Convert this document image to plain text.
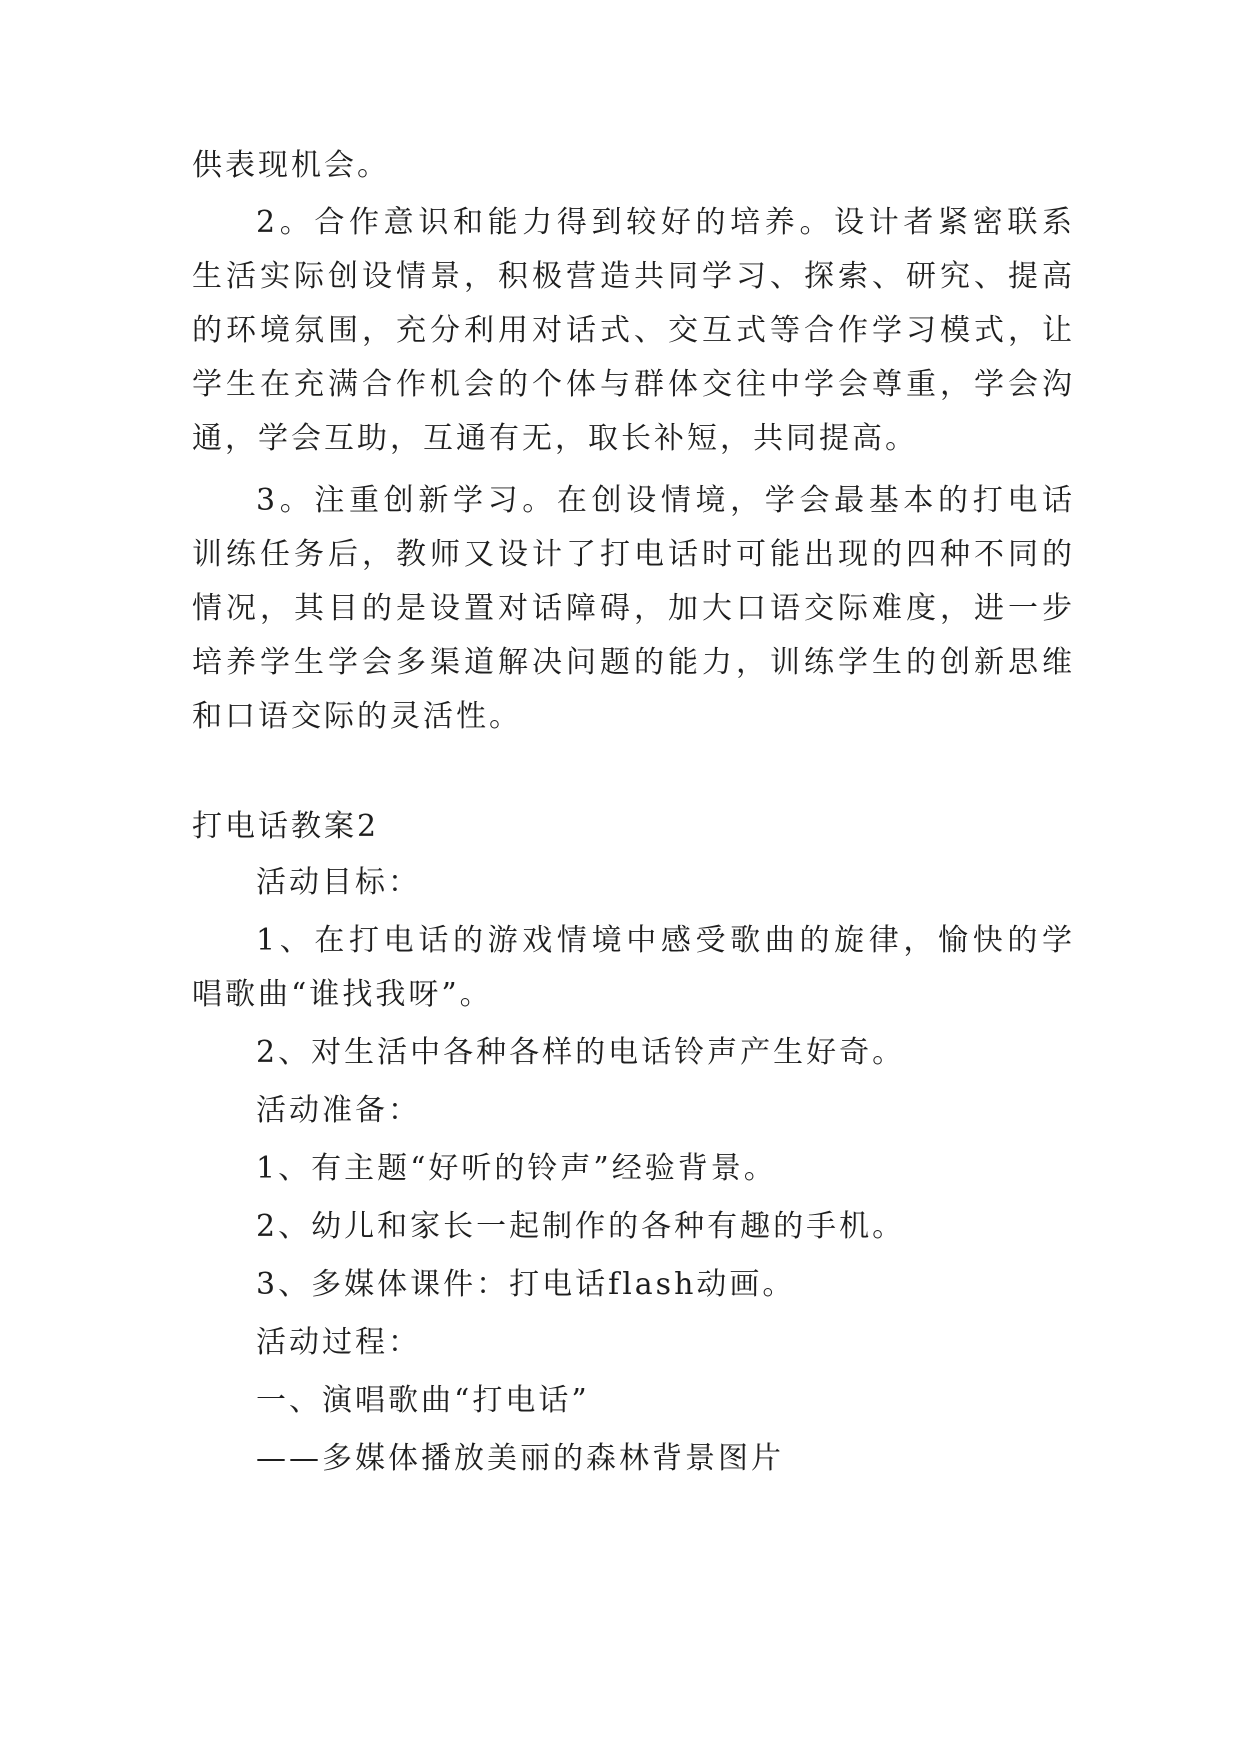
供表现机会。
2。合作意识和能力得到较好的培养。设计者紧密联系
生活实际创设情景，积极营造共同学习、探索、研究、提高
的环境氛围，充分利用对话式、交互式等合作学习模式，让
学生在充满合作机会的个体与群体交往中学会尊重，学会沟
通，学会互助，互通有无，取长补短，共同提高。
3。注重创新学习。在创设情境，学会最基本的打电话
训练任务后，教师又设计了打电话时可能出现的四种不同的
情况，其目的是设置对话障碍，加大口语交际难度，进一步
培养学生学会多渠道解决问题的能力，训练学生的创新思维
和口语交际的灵活性。
打电话教案2
活动目标：
1、在打电话的游戏情境中感受歌曲的旋律，愉快的学
唱歌曲“谁找我呀”。
2、对生活中各种各样的电话铃声产生好奇。
活动准备：
1、有主题“好听的铃声”经验背景。
2、幼儿和家长一起制作的各种有趣的手机。
3、多媒体课件：打电话flash动画。
活动过程：
一、演唱歌曲“打电话”
——多媒体播放美丽的森林背景图片
